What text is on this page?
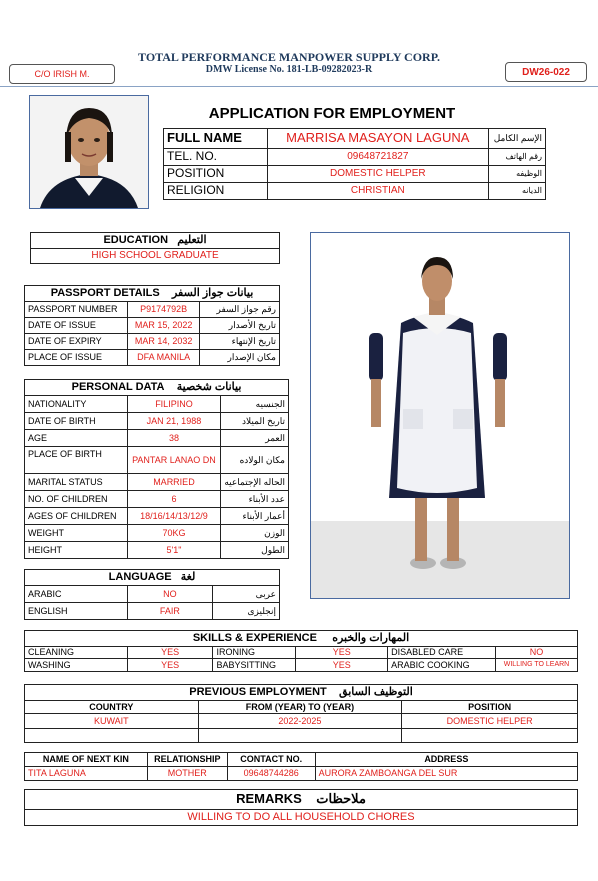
TOTAL PERFORMANCE MANPOWER SUPPLY CORP.
DMW License No. 181-LB-09282023-R
C/O IRISH M.	DW26-022
APPLICATION FOR EMPLOYMENT
FULL NAME	MARRISA MASAYON LAGUNA	الإسم الكامل
TEL. NO.	09648721827	رقم الهاتف
POSITION	DOMESTIC HELPER	الوظيفه
RELIGION	CHRISTIAN	الديانه
EDUCATION التعليم
HIGH SCHOOL GRADUATE
PASSPORT DETAILS بيانات جواز السفر		
PASSPORT NUMBER	P9174792B	رقم جواز السفر
DATE OF ISSUE	MAR 15, 2022	تاريخ الأصدار
DATE OF EXPIRY	MAR 14, 2032	تاريخ الإنتهاء
PLACE OF ISSUE	DFA MANILA	مكان الإصدار
PERSONAL DATA بيانات شخصية		
NATIONALITY	FILIPINO	الجنسيه
DATE OF BIRTH	JAN 21, 1988	تاريخ الميلاد
AGE	38	العمر
PLACE OF BIRTH	PANTAR LANAO DN	مكان الولاده
MARITAL STATUS	MARRIED	الحاله الإجتماعيه
NO. OF CHILDREN	6	عدد الأبناء
AGES OF CHILDREN	18/16/14/13/12/9	أعمار الأبناء
WEIGHT	70KG	الوزن
HEIGHT	5'1"	الطول
LANGUAGE لغة		
ARABIC	NO	عربى
ENGLISH	FAIR	إنجليزى
SKILLS & EXPERIENCE المهارات والخبره					
CLEANING	YES	IRONING	YES	DISABLED CARE	NO
WASHING	YES	BABYSITTING	YES	ARABIC COOKING	WILLING TO LEARN
PREVIOUS EMPLOYMENT التوظيف السابق		
COUNTRY	FROM (YEAR) TO (YEAR)	POSITION
KUWAIT	2022-2025	DOMESTIC HELPER

NAME OF NEXT KIN	RELATIONSHIP	CONTACT NO.	ADDRESS
TITA LAGUNA	MOTHER	09648744286	AURORA ZAMBOANGA DEL SUR
REMARKS ملاحظات
WILLING TO DO ALL HOUSEHOLD CHORES
